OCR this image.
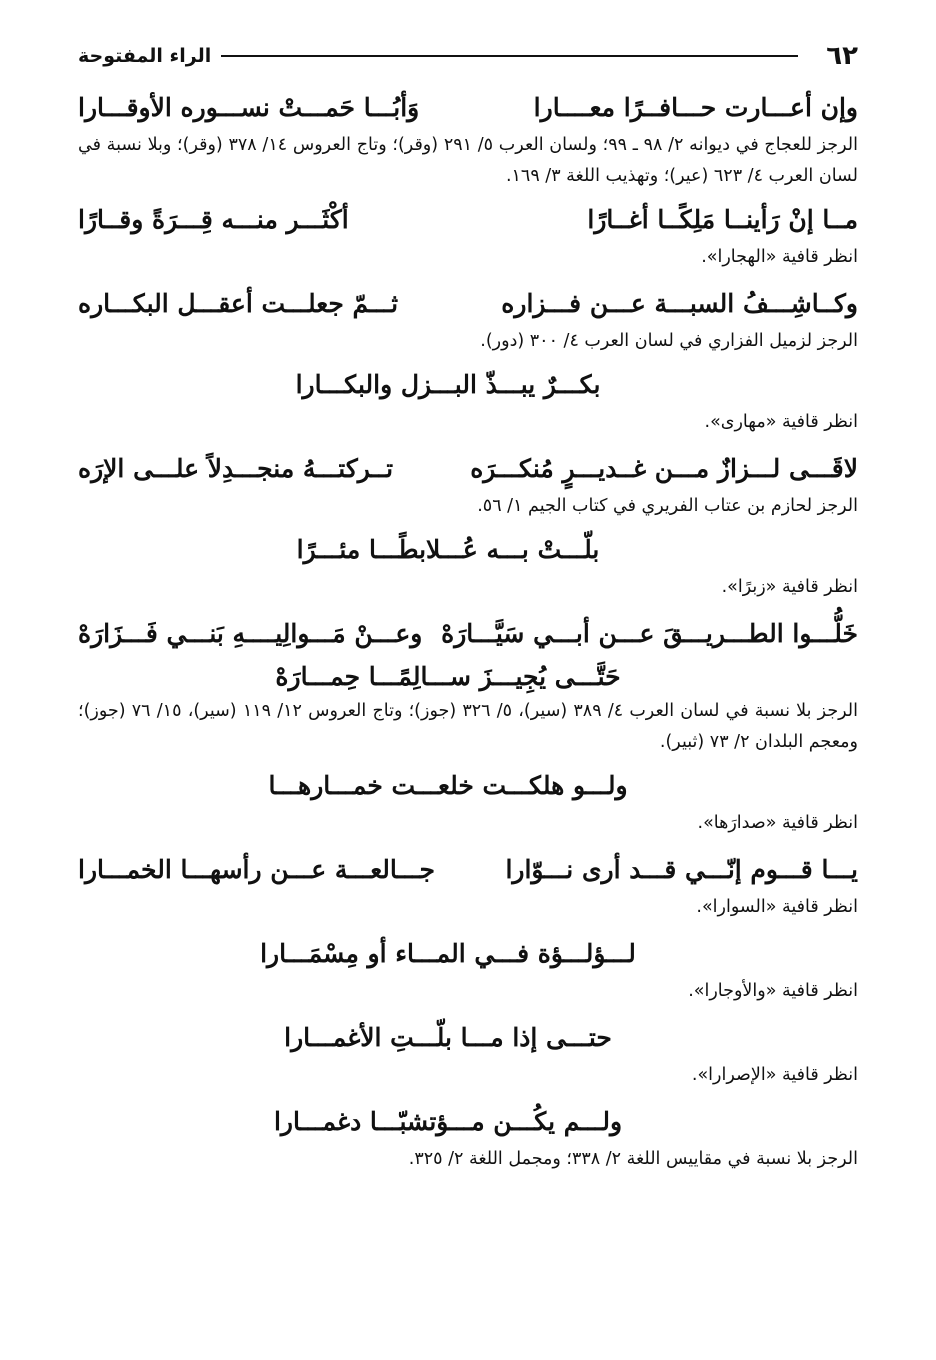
٦٢
الراء المفتوحة
وإن أعـــارت حـــافــرًا معــــارا
وَأبُـــا حَمـــتْ نســـوره الأوقـــارا
الرجز للعجاج في ديوانه ٢/ ٩٨ ـ ٩٩؛ ولسان العرب ٥/ ٢٩١ (وقر)؛ وتاج العروس ١٤/ ٣٧٨ (وقر)؛ وبلا نسبة في لسان العرب ٤/ ٦٢٣ (عير)؛ وتهذيب اللغة ٣/ ١٦٩.
مــا إنْ رَأينــا مَلِكًــا أغــارًا
أكْثَـــر منـــه قِـــرَةً وقــارًا
انظر قافية «الهجارا».
وكــاشِـــفُ السبـــة عـــن فـــزاره
ثـــمّ جعلـــت أعقـــل البكـــاره
الرجز لزميل الفزاري في لسان العرب ٤/ ٣٠٠ (دور).
بكـــرٌ يبـــذّ البـــزل والبكـــارا
انظر قافية «مهارى».
لاقَـــى لـــزازٌ مـــن غــديـــرٍ مُنكـــرَه
تــركتـــهُ منجـــدِلاً علـــى الإرَه
الرجز لحازم بن عتاب الفريري في كتاب الجيم ١/ ٥٦.
بلّـــتْ بـــه عُـــلابطًـــا مئـــرًا
انظر قافية «زبرًا».
خَلُّـــوا الطـــريـــقَ عـــن أبـــي سَيَّـــارَهْ
وعـــنْ مَـــوالِيــــهِ بَنـــي فَـــزَارَهْ
حَتَّـــى يُجِيـــزَ ســـالِمًـــا حِمـــارَهْ
الرجز بلا نسبة في لسان العرب ٤/ ٣٨٩ (سير)، ٥/ ٣٢٦ (جوز)؛ وتاج العروس ١٢/ ١١٩ (سير)، ١٥/ ٧٦ (جوز)؛ ومعجم البلدان ٢/ ٧٣ (ثبير).
ولـــو هلكـــت خلعـــت خمـــارهـــا
انظر قافية «صدارَها».
يـــا قـــوم إنّـــي قـــد أرى نـــوّارا
جـــالعـــة عـــن رأسهـــا الخمـــارا
انظر قافية «السوارا».
لـــؤلـــؤة فـــي المـــاء أو مِسْمَـــارا
انظر قافية «والأوجارا».
حتـــى إذا مـــا بلّـــتِ الأغمـــارا
انظر قافية «الإصرارا».
ولـــم يكُـــن مـــؤتشبّـــا دغمـــارا
الرجز بلا نسبة في مقاييس اللغة ٢/ ٣٣٨؛ ومجمل اللغة ٢/ ٣٢٥.
